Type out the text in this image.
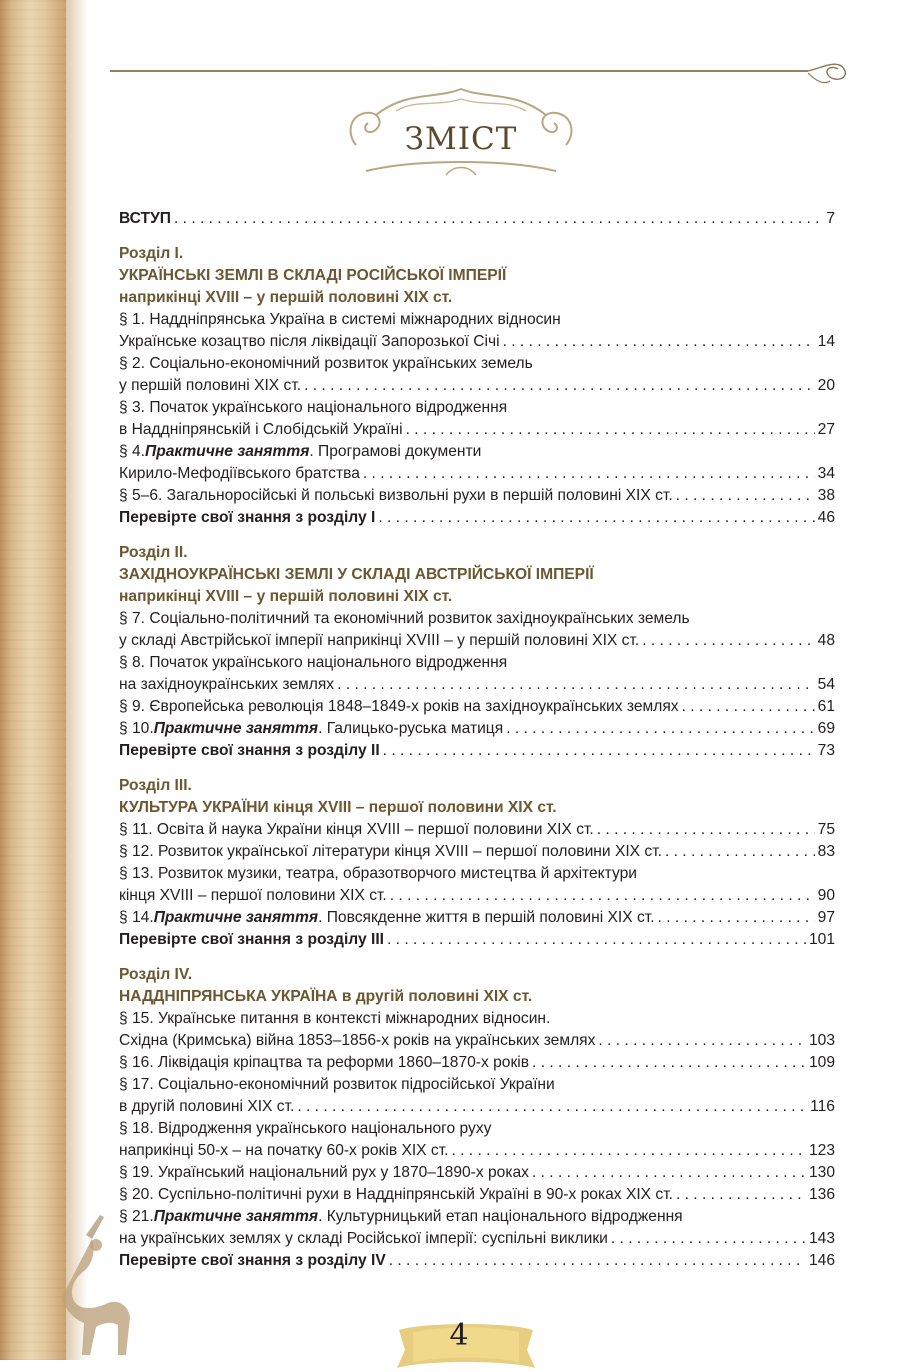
ЗМІСТ
ВСТУП . . .	7
Розділ I.
УКРАЇНСЬКІ ЗЕМЛІ В СКЛАДІ РОСІЙСЬКОЇ ІМПЕРІЇ
наприкінці XVIII – у першій половині XIX ст.
§ 1. Наддніпрянська Україна в системі міжнародних відносин
Українське козацтво після ліквідації Запорозької Січі . . .	14
§ 2. Соціально-економічний розвиток українських земель
у першій половині XIX ст. . . .	20
§ 3. Початок українського національного відродження
в Наддніпрянській і Слобідській Україні . . .	27
§ 4. Практичне заняття . Програмові документи
Кирило-Мефодіївського братства . . .	34
§ 5–6. Загальноросійські й польські визвольні рухи в першій половині XIX ст. . . .	38
Перевірте свої знання з розділу I . . .	46
Розділ II.
ЗАХІДНОУКРАЇНСЬКІ ЗЕМЛІ У СКЛАДІ АВСТРІЙСЬКОЇ ІМПЕРІЇ
наприкінці XVIII – у першій половині XIX ст.
§ 7. Соціально-політичний та економічний розвиток західноукраїнських земель
у складі Австрійської імперії наприкінці XVIII – у першій половині XIX ст. . . .	48
§ 8. Початок українського національного відродження
на західноукраїнських землях . . .	54
§ 9. Європейська революція 1848–1849-х років на західноукраїнських землях . . .	61
§ 10. Практичне заняття . Галицько-руська матиця . . .	69
Перевірте свої знання з розділу II . . .	73
Розділ III.
КУЛЬТУРА УКРАЇНИ кінця XVIII – першої половини XIX ст.
§ 11. Освіта й наука України кінця XVIII – першої половини XIX ст. . . .	75
§ 12. Розвиток української літератури кінця XVIII – першої половини XIX ст. . . .	83
§ 13. Розвиток музики, театра, образотворчого мистецтва й архітектури
кінця XVIII – першої половини XIX ст. . . .	90
§ 14. Практичне заняття . Повсякденне життя в першій половині XIX ст. . . .	97
Перевірте свої знання з розділу III . . .	101
Розділ IV.
НАДДНІПРЯНСЬКА УКРАЇНА в другій половині XIX ст.
§ 15. Українське питання в контексті міжнародних відносин.
Східна (Кримська) війна 1853–1856-х років на українських землях . . .	103
§ 16. Ліквідація кріпацтва та реформи 1860–1870-х років . . .	109
§ 17. Соціально-економічний розвиток підросійської України
в другій половині XIX ст. . . .	116
§ 18. Відродження українського національного руху
наприкінці 50-х – на початку 60-х років XIX ст. . . .	123
§ 19. Український національний рух у 1870–1890-х роках . . .	130
§ 20. Суспільно-політичні рухи в Наддніпрянській Україні в 90-х роках XIX ст. . . .	136
§ 21. Практичне заняття . Культурницький етап національного відродження
на українських землях у складі Російської імперії: суспільні виклики . . .	143
Перевірте свої знання з розділу IV . . .	146
4
